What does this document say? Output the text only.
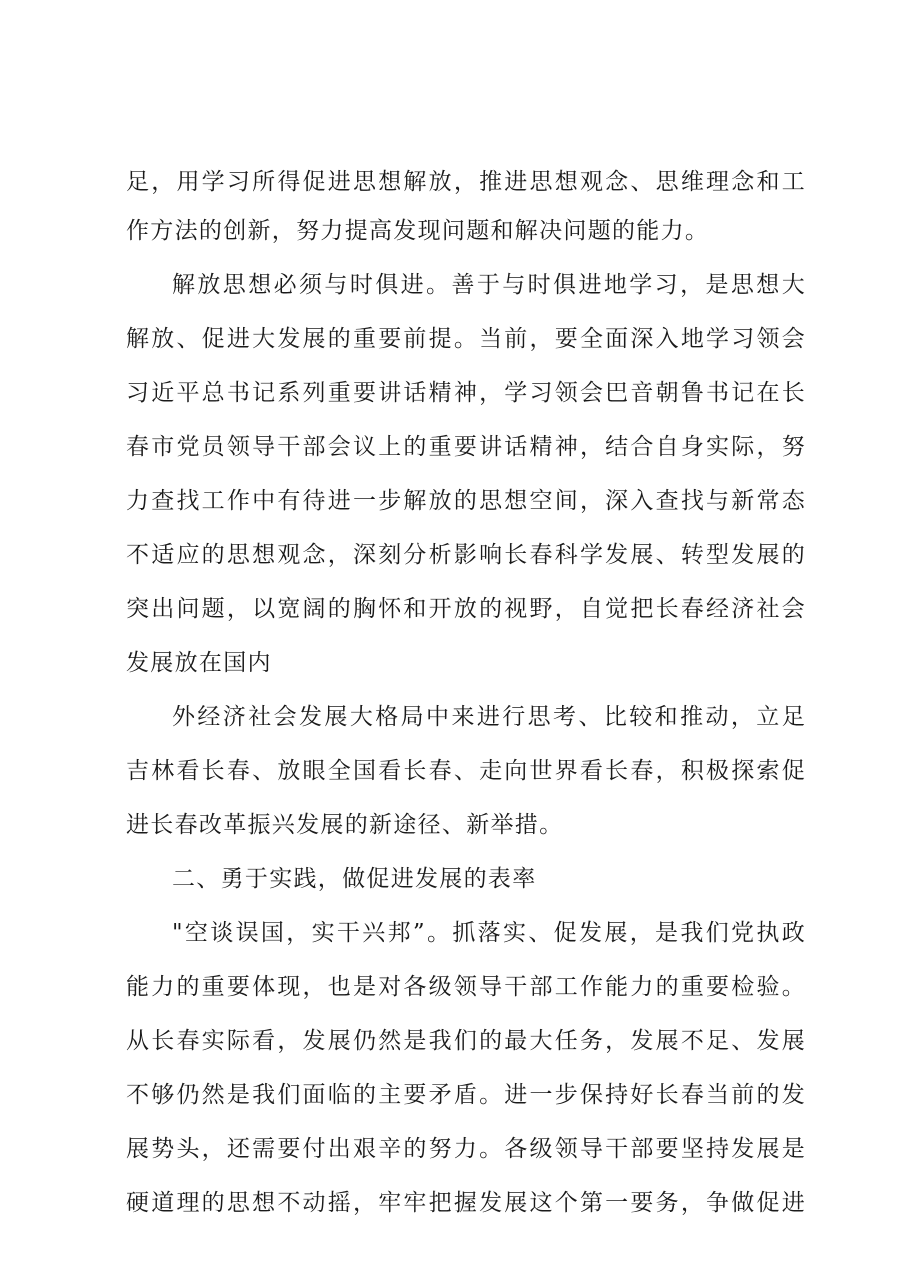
足，用学习所得促进思想解放，推进思想观念、思维理念和工

作方法的创新，努力提高发现问题和解决问题的能力。

解放思想必须与时俱进。善于与时俱进地学习，是思想大

解放、促进大发展的重要前提。当前，要全面深入地学习领会

习近平总书记系列重要讲话精神，学习领会巴音朝鲁书记在长

春市党员领导干部会议上的重要讲话精神，结合自身实际，努

力查找工作中有待进一步解放的思想空间，深入查找与新常态

不适应的思想观念，深刻分析影响长春科学发展、转型发展的

突出问题，以宽阔的胸怀和开放的视野，自觉把长春经济社会

发展放在国内

外经济社会发展大格局中来进行思考、比较和推动，立足

吉林看长春、放眼全国看长春、走向世界看长春，积极探索促

进长春改革振兴发展的新途径、新举措。

二、勇于实践，做促进发展的表率

"空谈误国，实干兴邦”。抓落实、促发展，是我们党执政

能力的重要体现，也是对各级领导干部工作能力的重要检验。

从长春实际看，发展仍然是我们的最大任务，发展不足、发展

不够仍然是我们面临的主要矛盾。进一步保持好长春当前的发

展势头，还需要付出艰辛的努力。各级领导干部要坚持发展是

硬道理的思想不动摇，牢牢把握发展这个第一要务，争做促进
